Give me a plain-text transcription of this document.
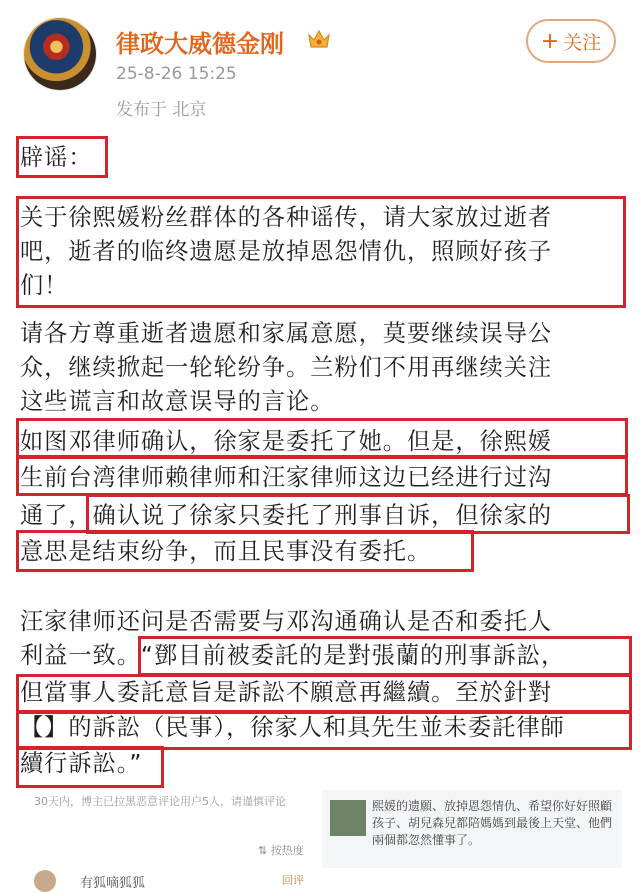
律政大威德金刚
25-8-26 15:25
发布于 北京
+ 关注

辟谣：

关于徐熙媛粉丝群体的各种谣传，请大家放过逝者

吧，逝者的临终遗愿是放掉恩怨情仇，照顾好孩子

们！

请各方尊重逝者遗愿和家属意愿，莫要继续误导公

众，继续掀起一轮轮纷争。兰粉们不用再继续关注

这些谎言和故意误导的言论。

如图邓律师确认，徐家是委托了她。但是，徐熙媛

生前台湾律师赖律师和汪家律师这边已经进行过沟

通了，确认说了徐家只委托了刑事自诉，但徐家的

意思是结束纷争，而且民事没有委托。

汪家律师还问是否需要与邓沟通确认是否和委托人

利益一致。“鄧目前被委託的是對張蘭的刑事訴訟，

但當事人委託意旨是訴訟不願意再繼續。至於針對

【】的訴訟（民事），徐家人和具先生並未委託律師

續行訴訟。”

30天内，博主已拉黑恶意评论用户5人，请谨慎评论
⇅ 按热度
熙媛的遗願、放掉恩怨情仇、希望你好好照顧孩子、胡兒森兒都陪媽媽到最後上天堂、他們兩個都忽然懂事了。
有狐嘀狐狐	回评
